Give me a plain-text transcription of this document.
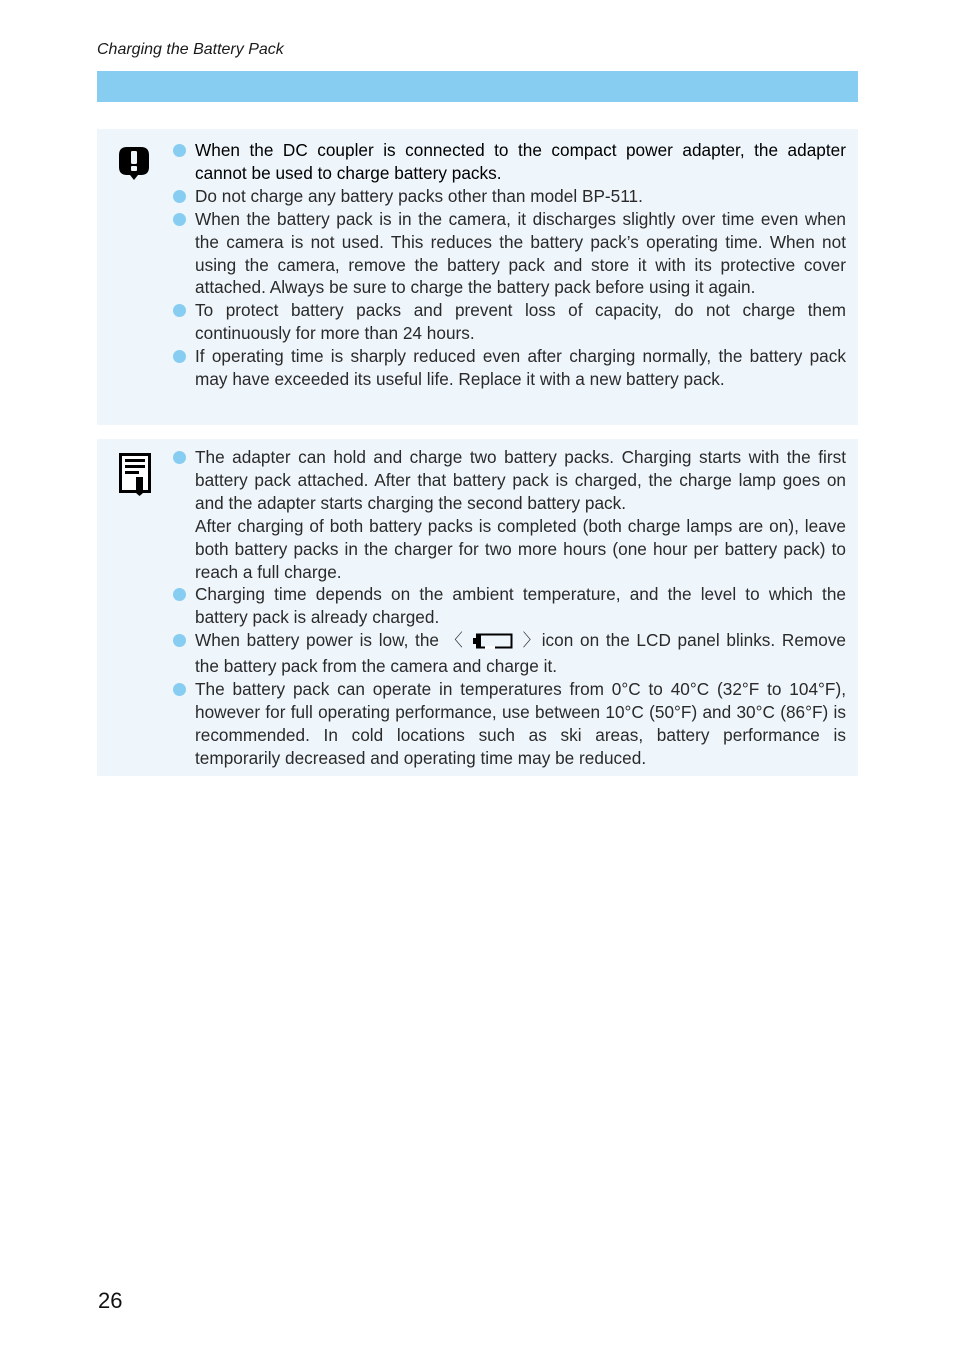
Charging the Battery Pack
When the DC coupler is connected to the compact power adapter, the adapter cannot be used to charge battery packs.
Do not charge any battery packs other than model BP-511.
When the battery pack is in the camera, it discharges slightly over time even when the camera is not used. This reduces the battery pack’s operating time. When not using the camera, remove the battery pack and store it with its protective cover attached. Always be sure to charge the battery pack before using it again.
To protect battery packs and prevent loss of capacity, do not charge them continuously for more than 24 hours.
If operating time is sharply reduced even after charging normally, the battery pack may have exceeded its useful life. Replace it with a new battery pack.
The adapter can hold and charge two battery packs. Charging starts with the first battery pack attached. After that battery pack is charged, the charge lamp goes on and the adapter starts charging the second battery pack.
After charging of both battery packs is completed (both charge lamps are on), leave both battery packs in the charger for two more hours (one hour per battery pack) to reach a full charge.
Charging time depends on the ambient temperature, and the level to which the battery pack is already charged.
When battery power is low, the 〈	〉icon on the LCD panel blinks. Remove the battery pack from the camera and charge it.
The battery pack can operate in temperatures from 0°C to 40°C (32°F to 104°F), however for full operating performance, use between 10°C (50°F) and 30°C (86°F) is recommended. In cold locations such as ski areas, battery performance is temporarily decreased and operating time may be reduced.
26
